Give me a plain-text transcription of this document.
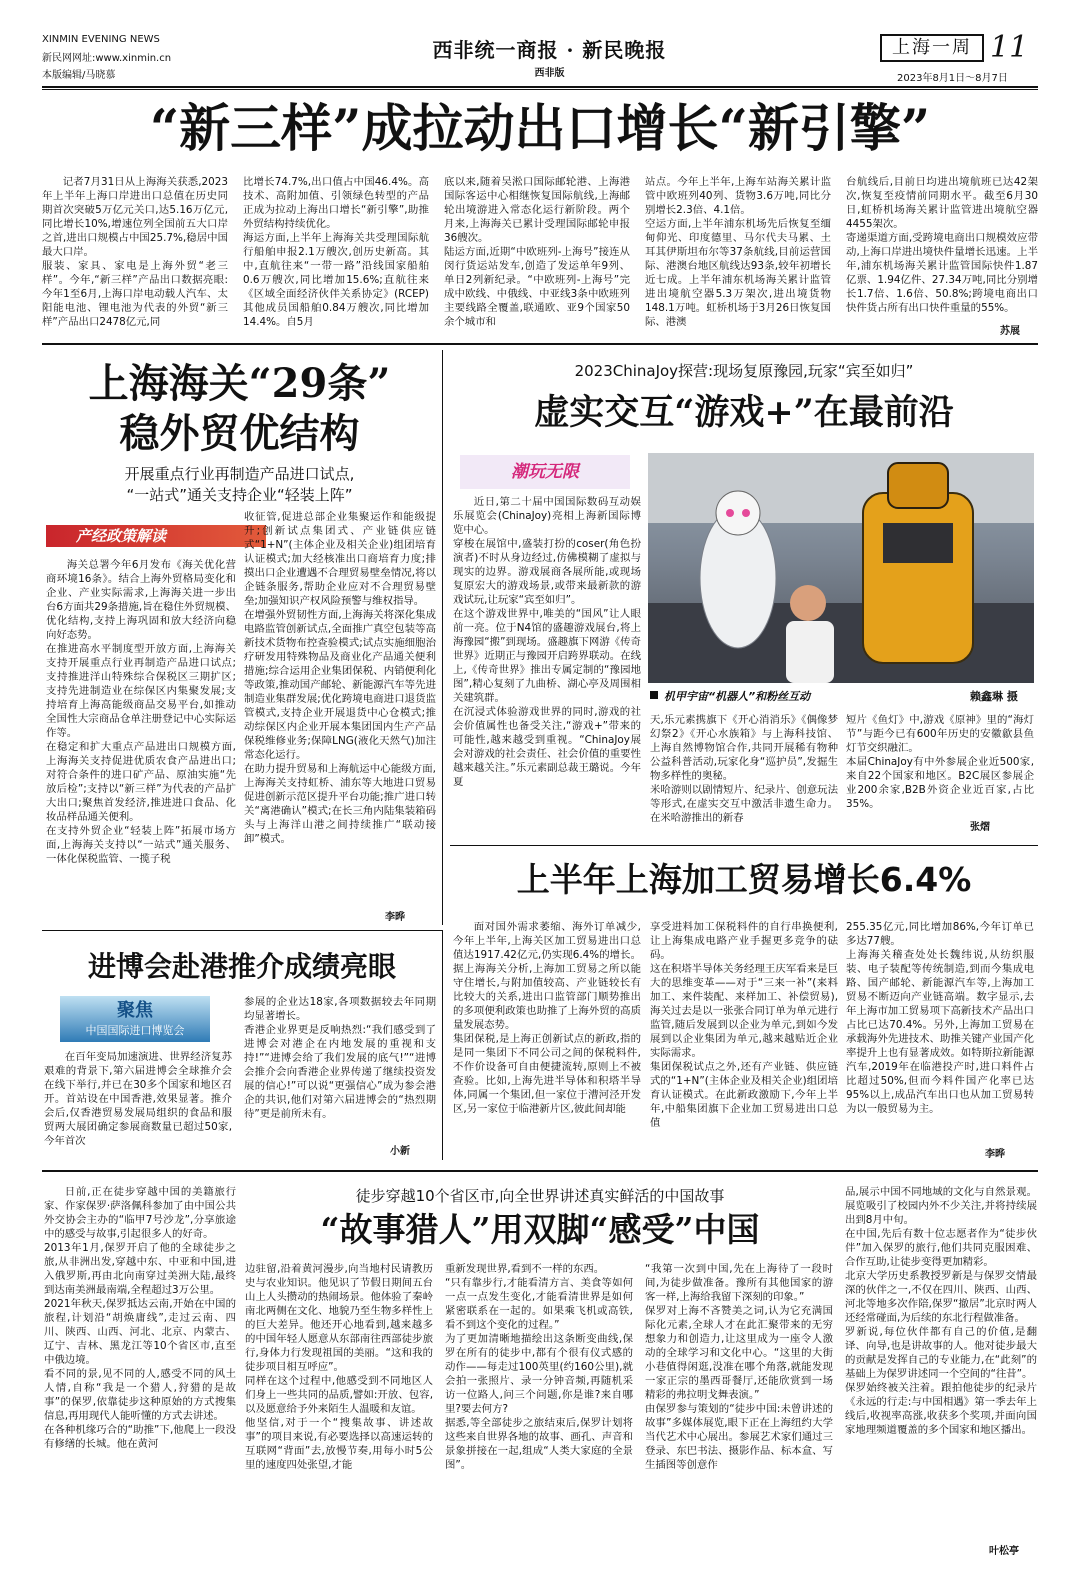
XINMIN EVENING NEWS
新民网网址:www.xinmin.cn
本版编辑/马晓慕
西非统一商报 · 新民晚报
西非版
上海一周 11
2023年8月1日～8月7日
“新三样”成拉动出口增长“新引擎”

记者7月31日从上海海关获悉,2023年上半年上海口岸进出口总值在历史同期首次突破5万亿元关口,达5.16万亿元,同比增长10%,增速位列全国前五大口岸之首,进出口规模占中国25.7%,稳居中国最大口岸。
服装、家具、家电是上海外贸“老三样”。今年,“新三样”产品出口数据亮眼:今年1至6月,上海口岸电动载人汽车、太阳能电池、锂电池为代表的外贸“新三样”产品出口2478亿元,同

比增长74.7%,出口值占中国46.4%。高技术、高附加值、引领绿色转型的产品正成为拉动上海出口增长“新引擎”,助推外贸结构持续优化。
海运方面,上半年上海海关共受理国际航行船舶申报2.1万艘次,创历史新高。其中,直航往来“一带一路”沿线国家船舶0.6万艘次,同比增加15.6%;直航往来《区域全面经济伙伴关系协定》(RCEP)其他成员国船舶0.84万艘次,同比增加14.4%。自5月

底以来,随着吴淞口国际邮轮港、上海港国际客运中心相继恢复国际航线,上海邮轮出境游进入常态化运行新阶段。两个月来,上海海关已累计受理国际邮轮申报36艘次。
陆运方面,近期“中欧班列-上海号”接连从闵行货运站发车,创造了发运单年9列、单日2列新纪录。“中欧班列-上海号”完成中欧线、中俄线、中亚线3条中欧班列主要线路全覆盖,联通欧、亚9个国家50余个城市和

站点。今年上半年,上海车站海关累计监管中欧班列40列、货物3.6万吨,同比分别增长2.3倍、4.1倍。
空运方面,上半年浦东机场先后恢复至缅甸仰光、印度德里、马尔代夫马累、土耳其伊斯坦布尔等37条航线,目前运营国际、港澳台地区航线达93条,较年初增长近七成。上半年浦东机场海关累计监管进出境航空器5.3万架次,进出境货物148.1万吨。虹桥机场于3月26日恢复国际、港澳

台航线后,目前日均进出境航班已达42架次,恢复至疫情前同期水平。截至6月30日,虹桥机场海关累计监管进出境航空器4455架次。
寄递渠道方面,受跨境电商出口规模效应带动,上海口岸进出境快件量增长迅速。上半年,浦东机场海关累计监管国际快件1.87亿票、1.94亿件、27.34万吨,同比分别增长1.7倍、1.6倍、50.8%;跨境电商出口快件货占所有出口快件重量的55%。

苏展
上海海关“29条”
稳外贸优结构
开展重点行业再制造产品进口试点,
“一站式”通关支持企业“轻装上阵”
产经政策解读

海关总署今年6月发布《海关优化营商环境16条》。结合上海外贸格局变化和企业、产业实际需求,上海海关进一步出台6方面共29条措施,旨在稳住外贸规模、优化结构,支持上海巩固和放大经济向稳向好态势。
在推进高水平制度型开放方面,上海海关支持开展重点行业再制造产品进口试点;支持推进洋山特殊综合保税区三期扩区;支持先进制造业在综保区内集聚发展;支持培育上海高能级商品交易平台,如推动全国性大宗商品仓单注册登记中心实际运作等。
在稳定和扩大重点产品进出口规模方面,上海海关支持促进优质农食产品进出口;对符合条件的进口矿产品、原油实施“先放后检”;支持以“新三样”为代表的产品扩大出口;聚焦首发经济,推进进口食品、化妆品样品通关便利。
在支持外贸企业“轻装上阵”拓展市场方面,上海海关支持以“一站式”通关服务、一体化保税监管、一揽子税

收征管,促进总部企业集聚运作和能级提升;创新试点集团式、产业链供应链式“1+N”(主体企业及相关企业)组团培育认证模式;加大经核准出口商培育力度;排摸出口企业遭遇不合理贸易壁垒情况,将以企链条服务,帮助企业应对不合理贸易壁垒;加强知识产权风险预警与维权指导。
在增强外贸韧性方面,上海海关将深化集成电路监管创新试点,全面推广真空包装等高新技术货物布控查验模式;试点实施细胞治疗研发用特殊物品及商业化产品通关便利措施;综合运用企业集团保税、内销便利化等政策,推动国产邮轮、新能源汽车等先进制造业集群发展;优化跨境电商进口退货监管模式,支持企业开展退货中心仓模式;推动综保区内企业开展本集团国内生产产品保税维修业务;保障LNG(液化天然气)加注常态化运行。
在助力提升贸易和上海航运中心能级方面,上海海关支持虹桥、浦东等大地进口贸易促进创新示范区提升平台功能;推广进口转关“离港确认”模式;在长三角内陆集装箱码头与上海洋山港之间持续推广“联动接卸”模式。

李晔
2023ChinaJoy探营:现场复原豫园,玩家“宾至如归”
虚实交互“游戏+”在最前沿
潮玩无限

近日,第二十届中国国际数码互动娱乐展览会(ChinaJoy)亮相上海新国际博览中心。
穿梭在展馆中,盛装打扮的coser(角色扮演者)不时从身边经过,仿佛模糊了虚拟与现实的边界。游戏展商各展所能,或现场复原宏大的游戏场景,或带来最新款的游戏试玩,让玩家“宾至如归”。
在这个游戏世界中,唯美的“国风”让人眼前一亮。位于N4馆的盛趣游戏展台,将上海豫园“搬”到现场。盛趣旗下网游《传奇世界》近期正与豫园开启跨界联动。在线上,《传奇世界》推出专属定制的“豫园地图”,精心复刻了九曲桥、湖心亭及周围相关建筑群。
在沉浸式体验游戏世界的同时,游戏的社会价值属性也备受关注,“游戏+”带来的可能性,越来越受到重视。“ChinaJoy展会对游戏的社会责任、社会价值的重要性越来越关注。”乐元素副总裁王璐说。今年夏

机甲宇宙“机器人”和粉丝互动	赖鑫琳 摄

天,乐元素携旗下《开心消消乐》《偶像梦幻祭2》《开心水族箱》与上海科技馆、上海自然博物馆合作,共同开展稀有物种公益科普活动,玩家化身“巡护员”,发掘生物多样性的奥秘。
米哈游则以剧情短片、纪录片、创意玩法等形式,在虚实交互中激活非遗生命力。在米哈游推出的新春

短片《鱼灯》中,游戏《原神》里的“海灯节”与距今已有600年历史的安徽歙县鱼灯节交织融汇。
本届ChinaJoy有中外参展企业近500家,来自22个国家和地区。B2C展区参展企业200余家,B2B外资企业近百家,占比35%。

张熠
上半年上海加工贸易增长6.4%

面对国外需求萎缩、海外订单减少,今年上半年,上海关区加工贸易进出口总值达1917.42亿元,仍实现6.4%的增长。据上海海关分析,上海加工贸易之所以能守住增长,与附加值较高、产业链较长有比较大的关系,进出口监管部门顺势推出的多项便利政策也助推了上海外贸的高质量发展态势。
集团保税,是上海正创新试点的新政,指的是同一集团下不同公司之间的保税料件,不作价设备可自由便捷流转,原则上不被查验。比如,上海先进半导体和积塔半导体,同属一个集团,但一家位于漕河泾开发区,另一家位于临港新片区,彼此间却能

享受进料加工保税料件的自行串换便利,让上海集成电路产业手握更多竞争的砝码。
这在积塔半导体关务经理王庆军看来是巨大的思维变革——对于“三来一补”(来料加工、来件装配、来样加工、补偿贸易),海关过去是以一张张合同订单为单元进行监管,随后发展到以企业为单元,到如今发展到以企业集团为单元,越来越贴近企业实际需求。
集团保税试点之外,还有产业链、供应链式的“1+N”(主体企业及相关企业)组团培育认证模式。在此新政激励下,今年上半年,中船集团旗下企业加工贸易进出口总值

255.35亿元,同比增加86%,今年订单已多达77艘。
上海海关稽查处处长魏纬说,从纺织服装、电子装配等传统制造,到而今集成电路、国产邮轮、新能源汽车等,上海加工贸易不断迈向产业链高端。数字显示,去年上海市加工贸易项下高新技术产品出口占比已达70.4%。另外,上海加工贸易在承载海外先进技术、助推关键产业国产化率提升上也有显著成效。如特斯拉新能源汽车,2019年在临港投产时,进口料件占比超过50%,但而今料件国产化率已达95%以上,成品汽车出口也从加工贸易转为以一般贸易为主。

李晔
进博会赴港推介成绩亮眼
聚焦
中国国际进口博览会

在百年变局加速演进、世界经济复苏艰难的背景下,第六届进博会全球推介会在线下举行,并已在30多个国家和地区召开。首站设在中国香港,效果显著。推介会后,仅香港贸易发展局组织的食品和服贸两大展团确定参展商数量已超过50家,今年首次

参展的企业达18家,各项数据较去年同期均显著增长。
香港企业界更是反响热烈:“我们感受到了进博会对港企在内地发展的重视和支持!”“进博会给了我们发展的底气!”“进博会推介会向香港企业界传递了继续投资发展的信心!”可以说“更强信心”成为参会港企的共识,他们对第六届进博会的“热烈期待”更是前所未有。

小新

日前,正在徒步穿越中国的美籍旅行家、作家保罗·萨洛佩科参加了由中国公共外交协会主办的“临甲7号沙龙”,分享旅途中的感受与故事,引起很多人的好奇。
2013年1月,保罗开启了他的全球徒步之旅,从非洲出发,穿越中东、中亚和中国,进入俄罗斯,再由北向南穿过美洲大陆,最终到达南美洲最南端,全程超过3万公里。
2021年秋天,保罗抵达云南,开始在中国的旅程,计划沿“胡焕庸线”,走过云南、四川、陕西、山西、河北、北京、内蒙古、辽宁、吉林、黑龙江等10个省区市,直至中俄边境。
看不同的景,见不同的人,感受不同的风土人情,自称“我是一个猎人,狩猎的是故事”的保罗,依靠徒步这种原始的方式搜集信息,再用现代人能听懂的方式去讲述。
在各种机缘巧合的“助推”下,他爬上一段没有修缮的长城。他在黄河

徒步穿越10个省区市,向全世界讲述真实鲜活的中国故事
“故事猎人”用双脚“感受”中国

边驻留,沿着黄河漫步,向当地村民请教历史与农业知识。他见识了节假日期间五台山上人头攒动的热闹场景。他体验了秦岭南北两侧在文化、地貌乃至生物多样性上的巨大差异。他还开心地看到,越来越多的中国年轻人愿意从东部南往西部徒步旅行,身体力行发现祖国的美丽。“这和我的徒步项目相互呼应”。
同样在这个过程中,他感受到不同地区人们身上一些共同的品质,譬如:开放、包容,以及愿意给予外来陌生人温暖和友谊。
他坚信,对于一个“搜集故事、讲述故事”的项目来说,有必要选择以高速运转的互联网“背面”去,放慢节奏,用每小时5公里的速度四处张望,才能

重新发现世界,看到不一样的东西。
“只有靠步行,才能看清方言、美食等如何一点一点发生变化,才能看清世界是如何紧密联系在一起的。如果乘飞机或高铁,看不到这个变化的过程。”
为了更加清晰地描绘出这条断变曲线,保罗在所有的徒步中,都有个很有仪式感的动作——每走过100英里(约160公里),就会拍一张照片、录一分钟音频,再随机采访一位路人,问三个问题,你是谁?来自哪里?要去何方?
据悉,等全部徒步之旅结束后,保罗计划将这些来自世界各地的故事、画孔、声音和景象拼接在一起,组成“人类大家庭的全景图”。

“我第一次到中国,先在上海待了一段时间,为徒步做准备。豫所有其他国家的游客一样,上海给我留下深刻的印象。”
保罗对上海不吝赞美之词,认为它充满国际化元素,全球人才在此汇聚带来的无穷想象力和创造力,让这里成为一座令人激动的全球学习和文化中心。“这里的大街小巷值得闲逛,没准在哪个角落,就能发现一家正宗的墨西哥餐厅,还能欣赏到一场精彩的弗拉明戈舞表演。”
由保罗参与策划的“徒步中国:未曾讲述的故事”多媒体展览,眼下正在上海纽约大学当代艺术中心展出。参展艺术家们通过三登录、东巴书法、摄影作品、标本盒、写生插图等创意作

品,展示中国不同地域的文化与自然景观。展览吸引了校园内外不少关注,并将持续展出到8月中旬。
在中国,先后有数十位志愿者作为“徒步伙伴”加入保罗的旅行,他们共同克服困难、合作互助,让徒步变得更加精彩。
北京大学历史系教授罗新是与保罗交情最深的伙伴之一,不仅在四川、陕西、山西、河北等地多次作陪,保罗“撤居”北京时两人还经常碰面,为后续的东北行程做准备。
罗新说,每位伙伴都有自己的价值,是翻译、向导,也是讲故事的人。他对徒步最大的贡献是发挥自己的专业能力,在“此刻”的基础上为保罗讲述同一个空间的“往昔”。
保罗始终被关注着。跟拍他徒步的纪录片《永远的行走:与中国相遇》第一季去年上线后,收视率高涨,收获多个奖项,并面向国家地理频道覆盖的多个国家和地区播出。

叶松亭
